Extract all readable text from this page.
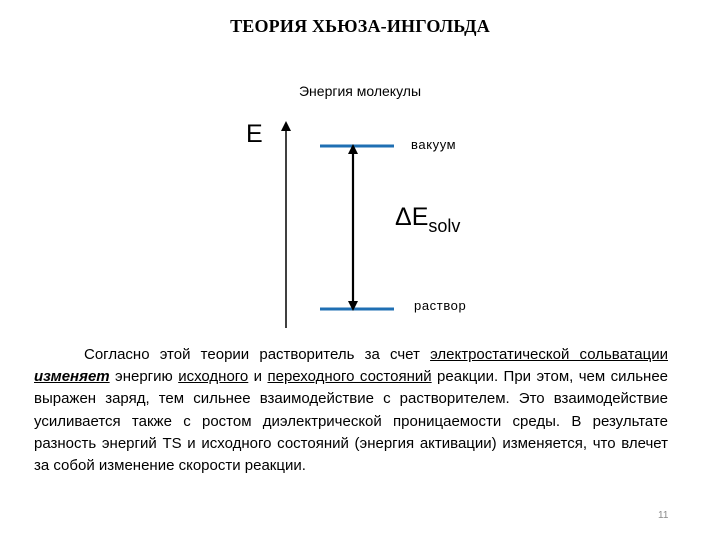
ТЕОРИЯ ХЬЮЗА-ИНГОЛЬДА
Энергия молекулы
E	вакуум
раствор
$\Delta E_{solv}$

Согласно этой теории растворитель за счет электростатической сольватации изменяет энергию исходного и переходного состояний реакции. При этом, чем сильнее выражен заряд, тем сильнее взаимодействие с растворителем. Это взаимодействие усиливается также с ростом диэлектрической проницаемости среды. В результате разность энергий TS и исходного состояний (энергия активации) изменяется, что влечет за собой изменение скорости реакции.

11
